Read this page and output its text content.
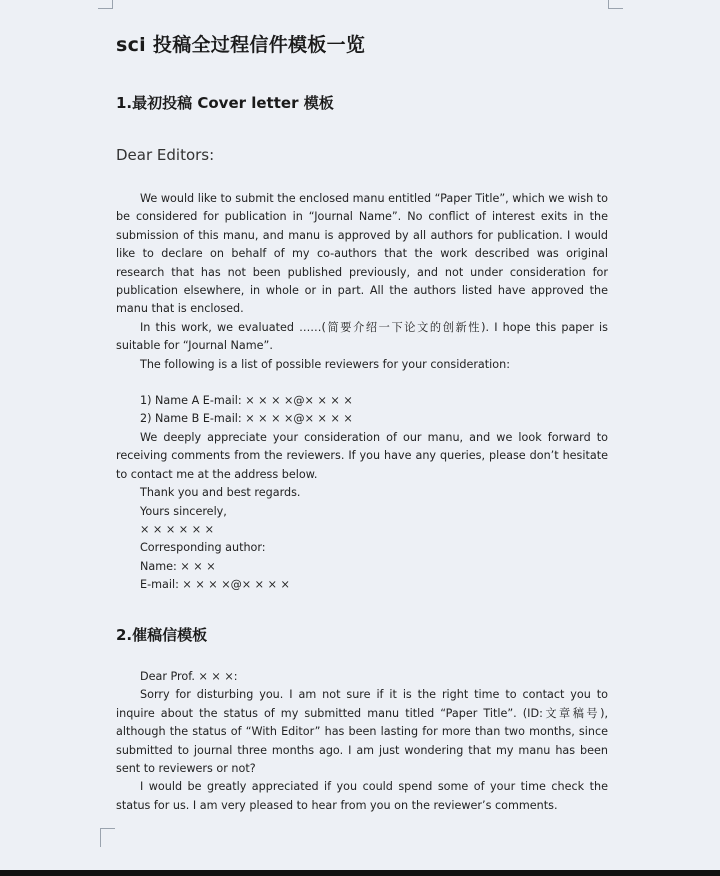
sci 投稿全过程信件模板一览
1.最初投稿 Cover letter 模板
Dear Editors:

We would like to submit the enclosed manu entitled “Paper Title”, which we wish to be considered for publication in “Journal Name”. No conflict of interest exits in the submission of this manu, and manu is approved by all authors for publication. I would like to declare on behalf of my co-authors that the work described was original research that has not been published previously, and not under consideration for publication elsewhere, in whole or in part. All the authors listed have approved the manu that is enclosed.

In this work, we evaluated ……(简要介绍一下论文的创新性). I hope this paper is suitable for “Journal Name”.

The following is a list of possible reviewers for your consideration:

1) Name A E-mail: × × × ×@× × × ×

2) Name B E-mail: × × × ×@× × × ×

We deeply appreciate your consideration of our manu, and we look forward to receiving comments from the reviewers. If you have any queries, please don’t hesitate to contact me at the address below.

Thank you and best regards.

Yours sincerely,

× × × × × ×

Corresponding author:

Name: × × ×

E-mail: × × × ×@× × × ×

2.催稿信模板

Dear Prof. × × ×:

Sorry for disturbing you. I am not sure if it is the right time to contact you to inquire about the status of my submitted manu titled “Paper Title”. (ID:文章稿号), although the status of “With Editor” has been lasting for more than two months, since submitted to journal three months ago. I am just wondering that my manu has been sent to reviewers or not?

I would be greatly appreciated if you could spend some of your time check the status for us. I am very pleased to hear from you on the reviewer’s comments.
